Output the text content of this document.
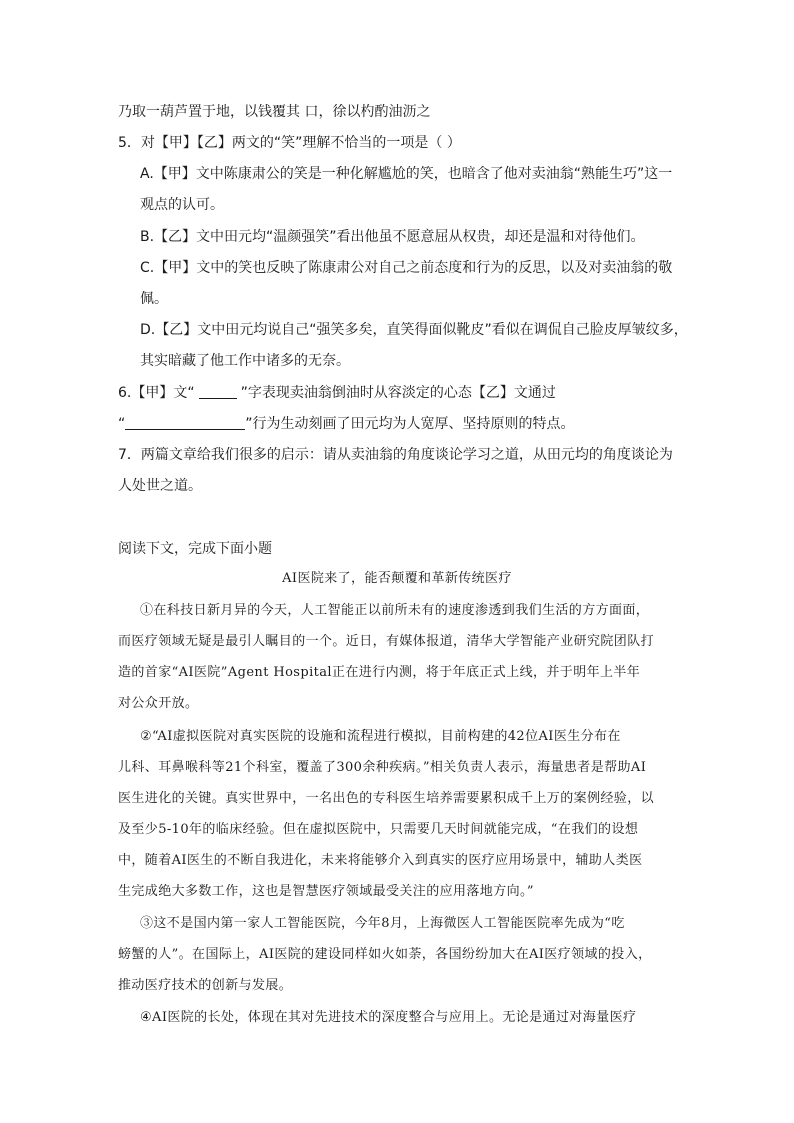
乃取一葫芦置于地，以钱覆其 口，徐以杓酌油沥之
5．对【甲】【乙】两文的“笑”理解不恰当的一项是（ ）
A.【甲】文中陈康肃公的笑是一种化解尴尬的笑，也暗含了他对卖油翁“熟能生巧”这一
观点的认可。
B.【乙】文中田元均“温颜强笑”看出他虽不愿意屈从权贵，却还是温和对待他们。
C.【甲】文中的笑也反映了陈康肃公对自己之前态度和行为的反思，以及对卖油翁的敬
佩。
D.【乙】文中田元均说自己“强笑多矣，直笑得面似靴皮”看似在调侃自己脸皮厚皱纹多，
其实暗藏了他工作中诸多的无奈。
6.【甲】文“	”字表现卖油翁倒油时从容淡定的心态【乙】文通过
“	”行为生动刻画了田元均为人宽厚、坚持原则的特点。
7．两篇文章给我们很多的启示：请从卖油翁的角度谈论学习之道，从田元均的角度谈论为
人处世之道。
阅读下文，完成下面小题
AI医院来了，能否颠覆和革新传统医疗
①在科技日新月异的今天，人工智能正以前所未有的速度渗透到我们生活的方方面面，
而医疗领域无疑是最引人瞩目的一个。近日，有媒体报道，清华大学智能产业研究院团队打
造的首家“AI医院”Agent Hospital正在进行内测，将于年底正式上线，并于明年上半年
对公众开放。
②“AI虚拟医院对真实医院的设施和流程进行模拟，目前构建的42位AI医生分布在
儿科、耳鼻喉科等21个科室，覆盖了300余种疾病。”相关负责人表示，海量患者是帮助AI
医生进化的关键。真实世界中，一名出色的专科医生培养需要累积成千上万的案例经验，以
及至少5-10年的临床经验。但在虚拟医院中，只需要几天时间就能完成，“在我们的设想
中，随着AI医生的不断自我进化，未来将能够介入到真实的医疗应用场景中，辅助人类医
生完成绝大多数工作，这也是智慧医疗领域最受关注的应用落地方向。”
③这不是国内第一家人工智能医院，今年8月，上海微医人工智能医院率先成为“吃
螃蟹的人”。在国际上，AI医院的建设同样如火如荼，各国纷纷加大在AI医疗领域的投入，
推动医疗技术的创新与发展。
④AI医院的长处，体现在其对先进技术的深度整合与应用上。无论是通过对海量医疗
